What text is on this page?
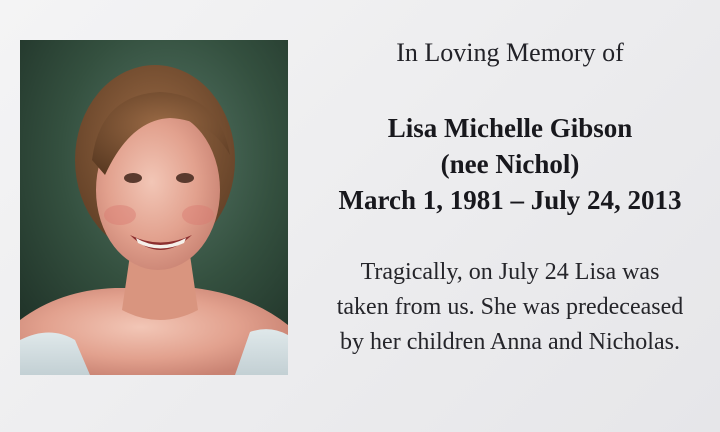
In Loving Memory of
Lisa Michelle Gibson
(nee Nichol)
March 1, 1981 – July 24, 2013
Tragically, on July 24 Lisa was
taken from us. She was predeceased
by her children Anna and Nicholas.
